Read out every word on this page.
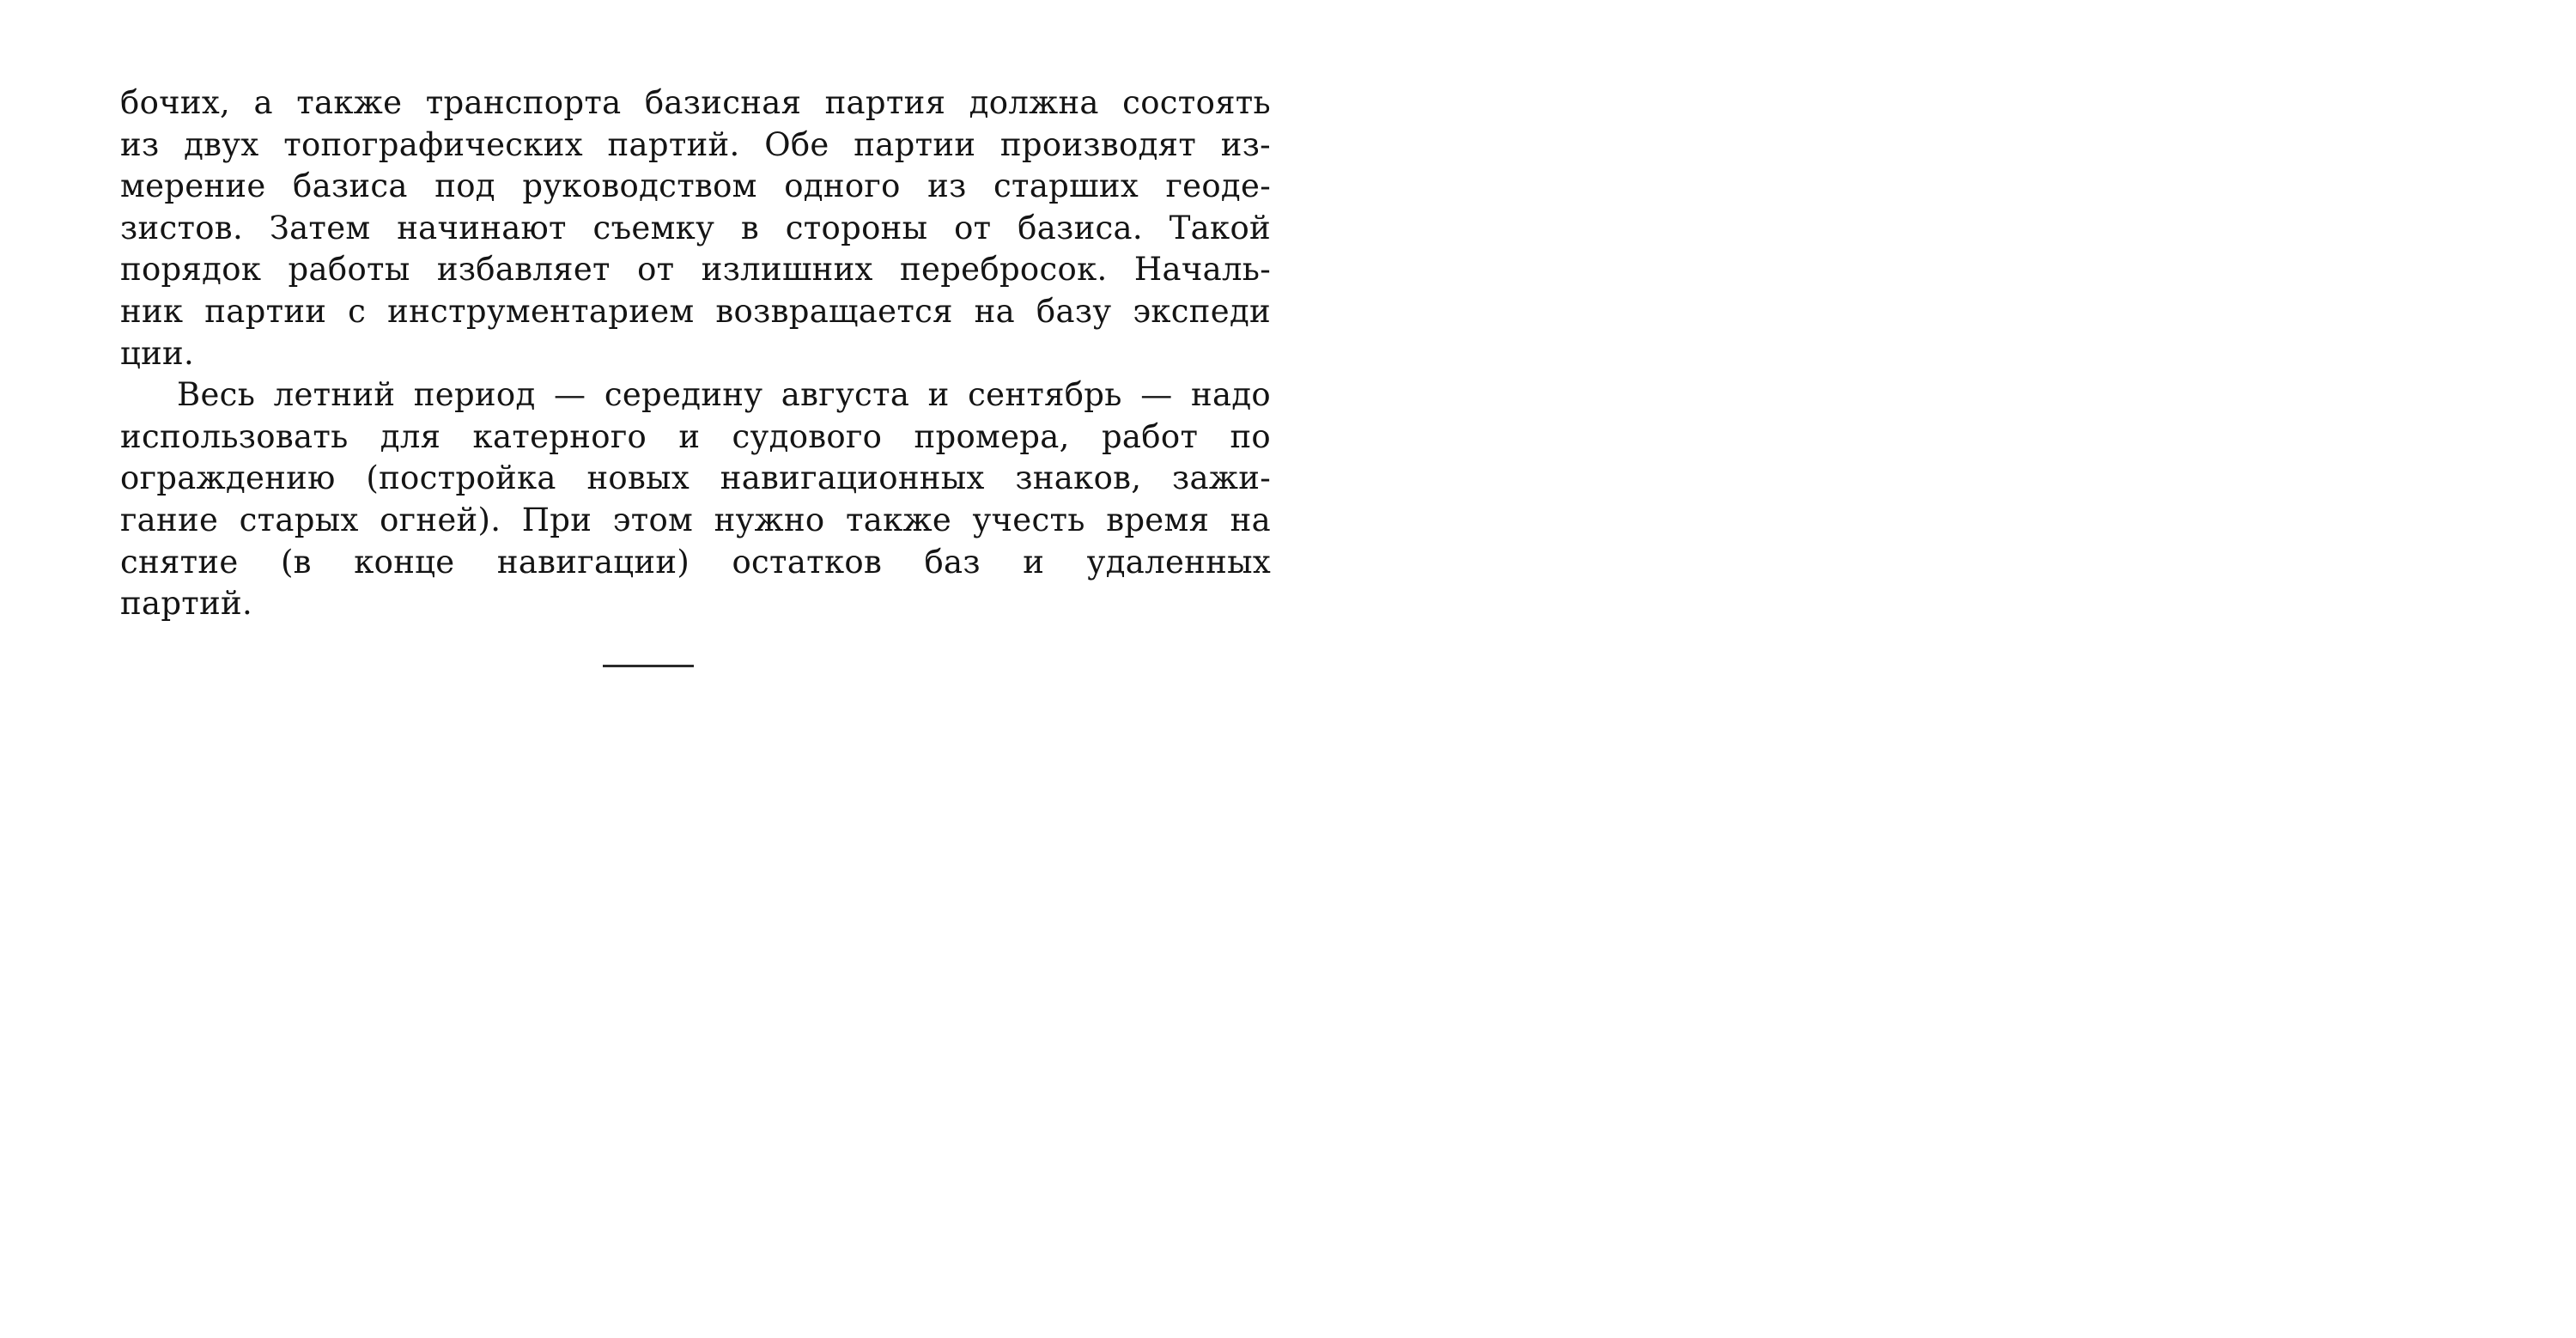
бочих, а также транспорта базисная партия должна состоять
из двух топографических партий. Обе партии производят из-
мерение базиса под руководством одного из старших геоде-
зистов. Затем начинают съемку в стороны от базиса. Такой
порядок работы избавляет от излишних перебросок. Началь-
ник партии с инструментарием возвращается на базу экспеди
ции.
Весь летний период — середину августа и сентябрь — надо
использовать для катерного и судового промера, работ по
ограждению (постройка новых навигационных знаков, зажи-
гание старых огней). При этом нужно также учесть время на
снятие (в конце навигации) остатков баз и удаленных
партий.
